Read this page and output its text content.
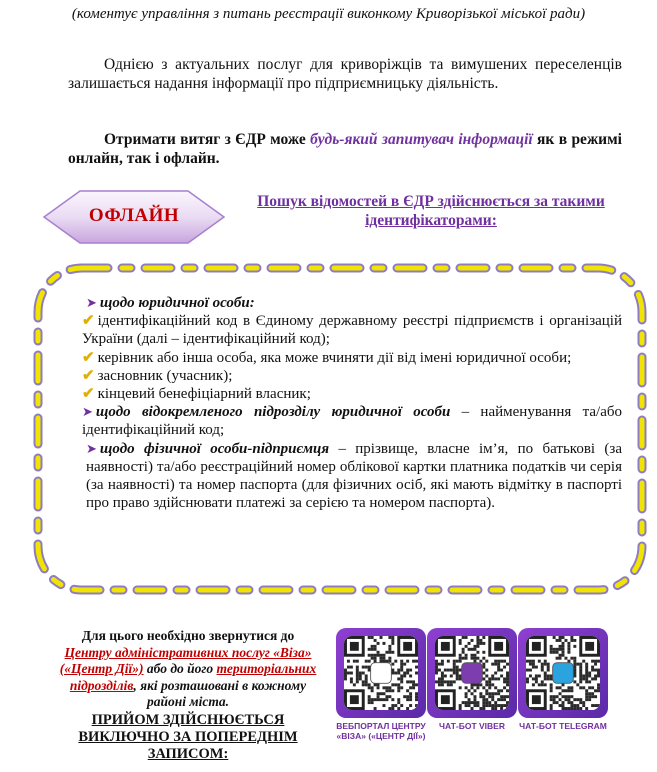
(коментує управління з питань реєстрації виконкому Криворізької міської ради)
Однією з актуальних послуг для криворіжців та вимушених переселенців залишається надання інформації про підприємницьку діяльність.
Отримати витяг з ЄДР може будь-який запитувач інформації як в режимі онлайн, так і офлайн.
ОФЛАЙН
Пошук відомостей в ЄДР здійснюється за такими ідентифікаторами:
➤ щодо юридичної особи:
✔ ідентифікаційний код в Єдиному державному реєстрі підприємств і організацій України (далі – ідентифікаційний код);
✔ керівник або інша особа, яка може вчиняти дії від імені юридичної особи;
✔ засновник (учасник);
✔ кінцевий бенефіціарний власник;
➤ щодо відокремленого підрозділу юридичної особи – найменування та/або ідентифікаційний код;
➤ щодо фізичної особи-підприємця – прізвище, власне ім’я, по батькові (за наявності) та/або реєстраційний номер облікової картки платника податків чи серія (за наявності) та номер паспорта (для фізичних осіб, які мають відмітку в паспорті про право здійснювати платежі за серією та номером паспорта).
Для цього необхідно звернутися до Центру адміністративних послуг «Віза» («Центр Дії») або до його територіальних підрозділів, які розташовані в кожному районі міста.
ПРИЙОМ ЗДІЙСНЮЄТЬСЯ ВИКЛЮЧНО ЗА ПОПЕРЕДНІМ ЗАПИСОМ:
ВЕБПОРТАЛ ЦЕНТРУ «ВІЗА» («ЦЕНТР ДІЇ»)
ЧАТ-БОТ VIBER	ЧАТ-БОТ TELEGRAM
